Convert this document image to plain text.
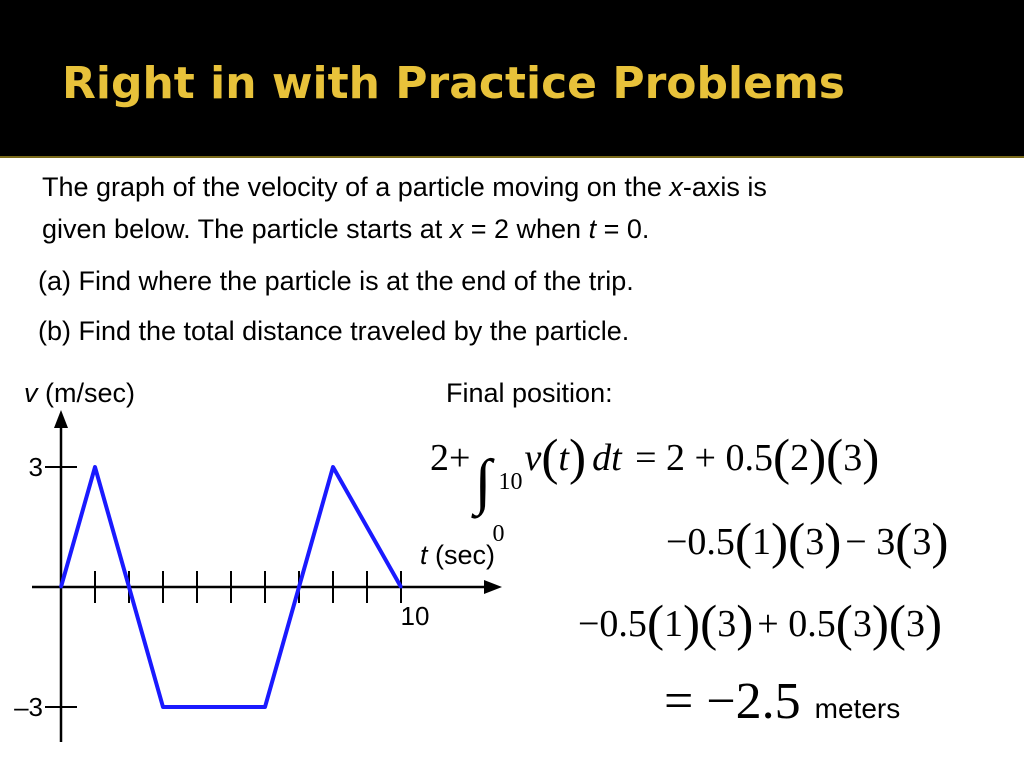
Right in with Practice Problems
The graph of the velocity of a particle moving on the x-axis is
given below. The particle starts at x = 2 when t = 0.
(a) Find where the particle is at the end of the trip.
(b) Find the total distance traveled by the particle.
v (m/sec)
t (sec)
3
–3
10
Final position:
2+ ∫ 10
0
v(t) dt = 2 + 0.5(2)(3)
−0.5(1)(3) − 3(3)
−0.5(1)(3) + 0.5(3)(3)
= −2.5 meters
